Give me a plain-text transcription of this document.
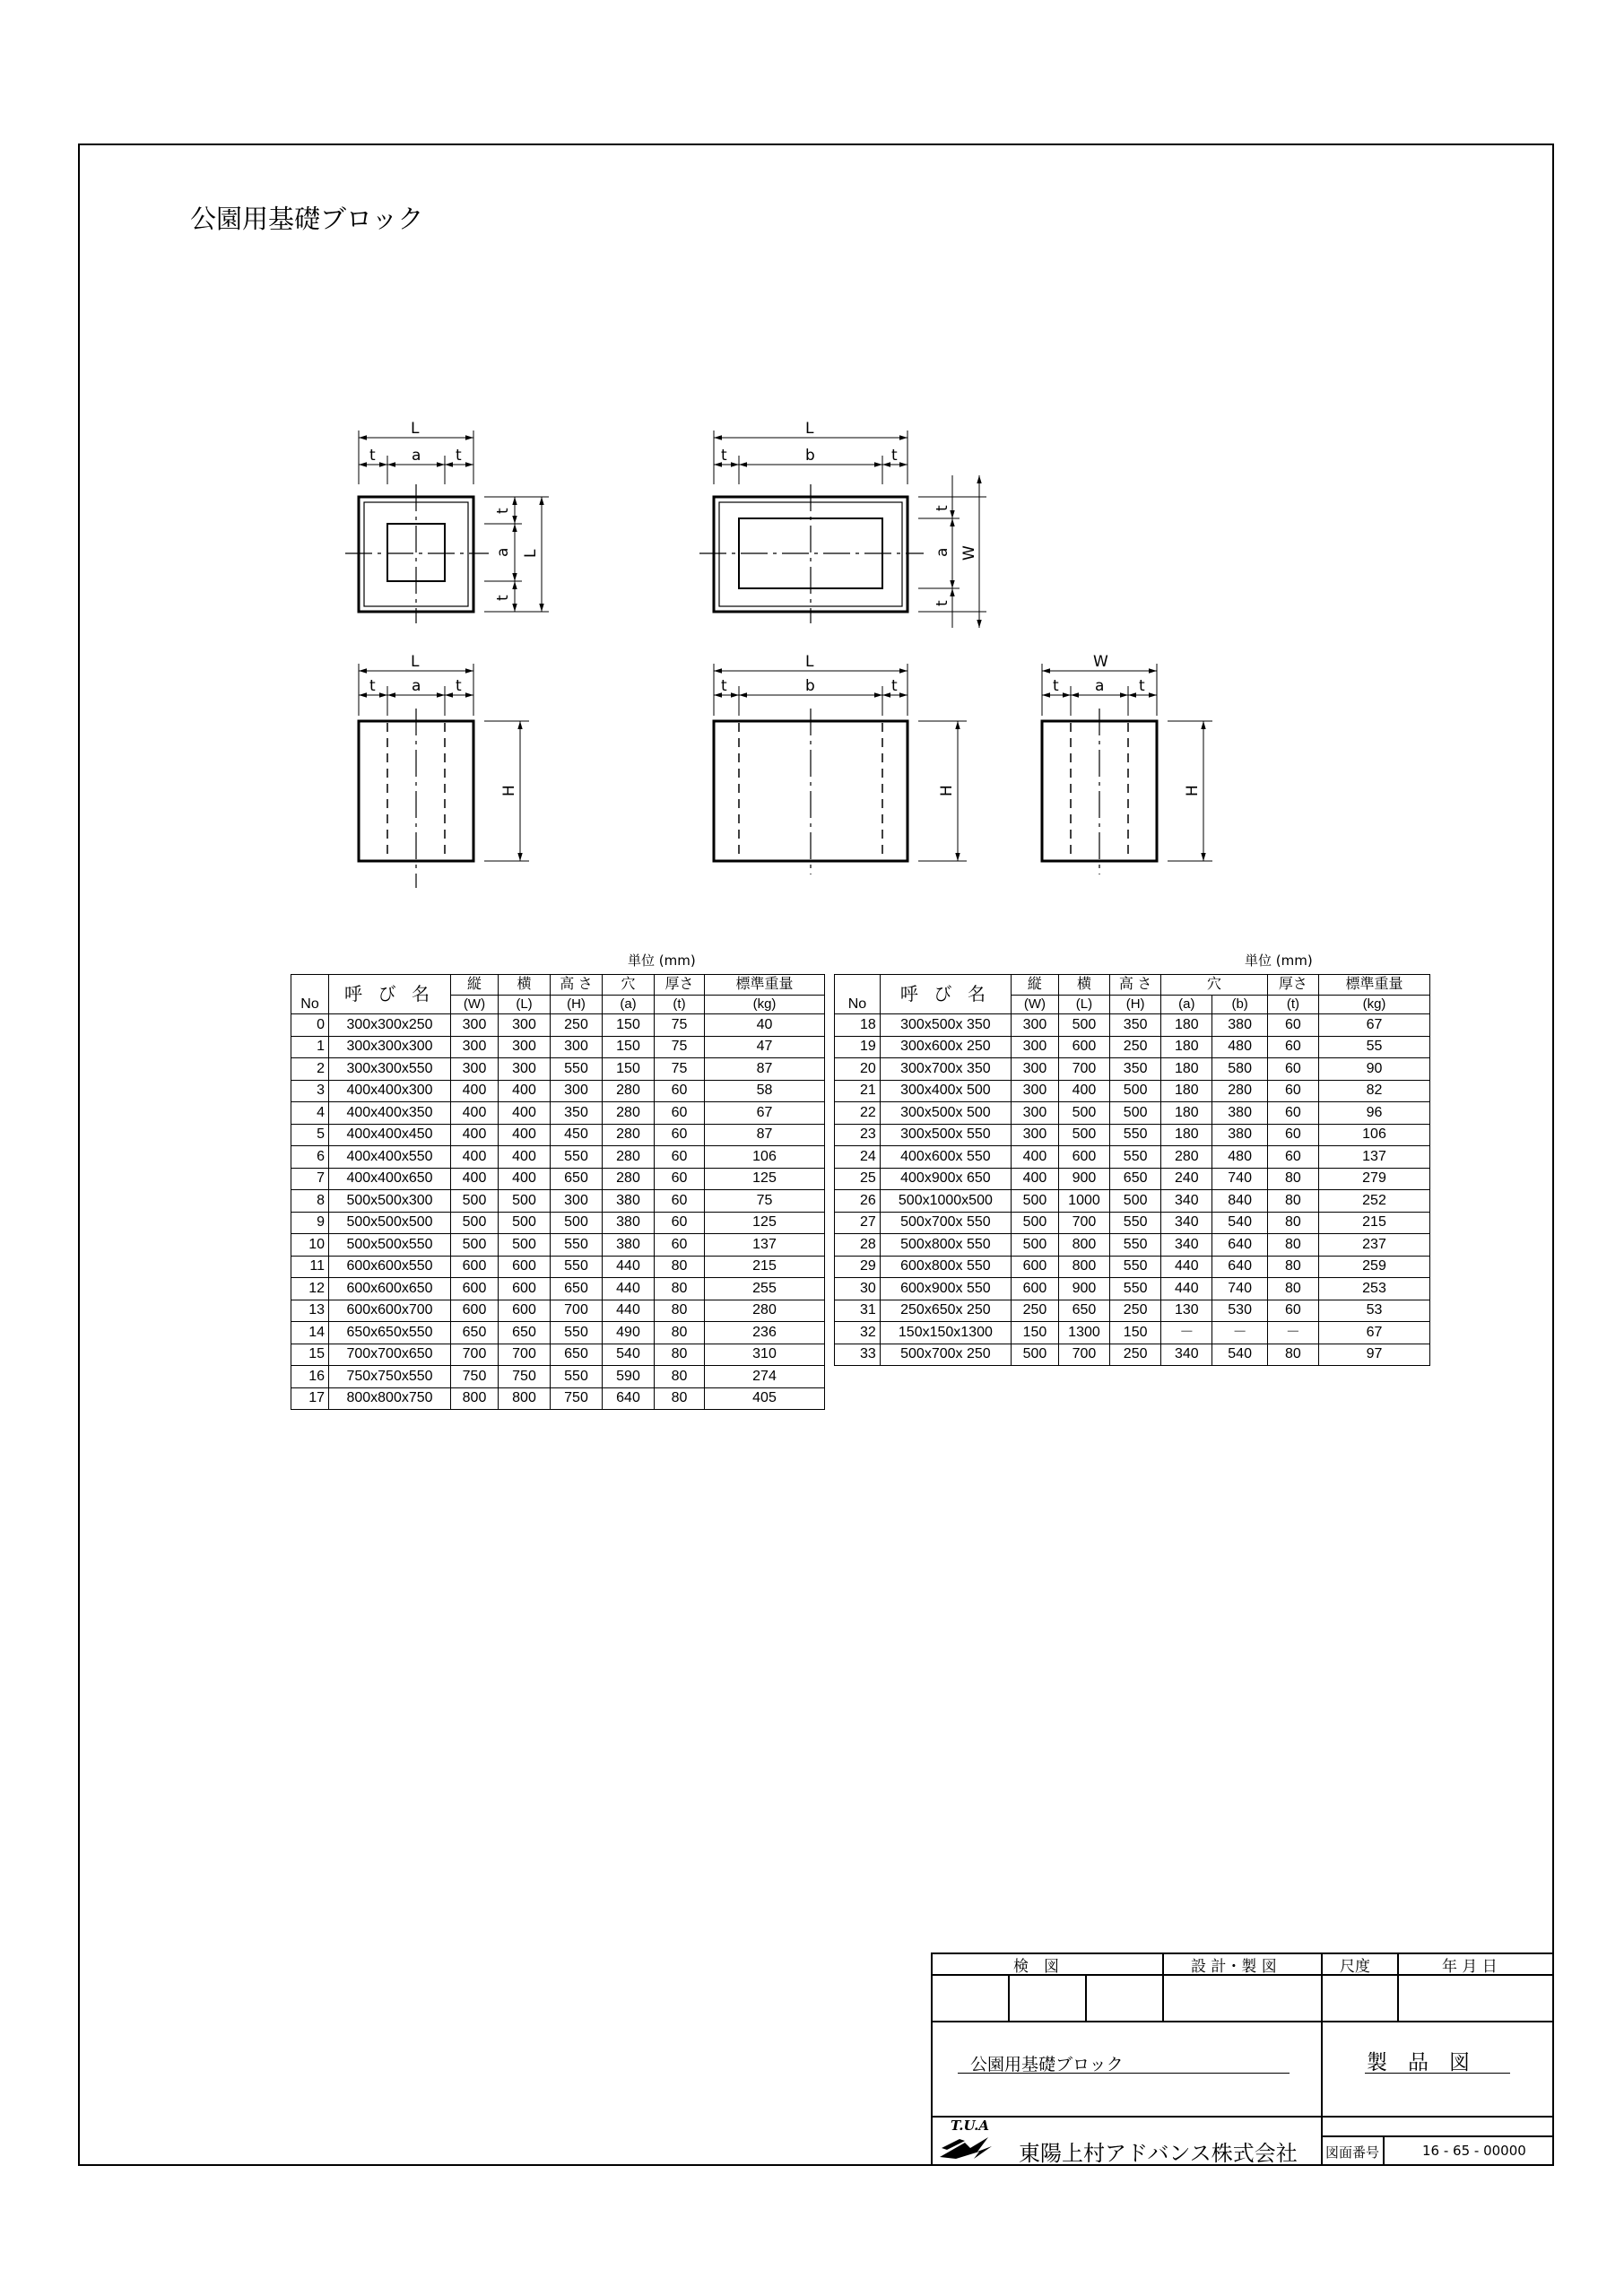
公園用基礎ブロック
L
t a t
t
a
t
L
L
t	b	t
t
a
t
W
L
t a t
H
L
t	b	t
H
W
t a t
H
単位 (mm)	単位 (mm)
No	呼 び 名	縦	横	高 さ	穴	厚さ	標準重量
		(W)	(L)	(H)	(a)	(t)	(kg)
0	300x300x250	300	300	250	150	75	40
1	300x300x300	300	300	300	150	75	47
2	300x300x550	300	300	550	150	75	87
3	400x400x300	400	400	300	280	60	58
4	400x400x350	400	400	350	280	60	67
5	400x400x450	400	400	450	280	60	87
6	400x400x550	400	400	550	280	60	106
7	400x400x650	400	400	650	280	60	125
8	500x500x300	500	500	300	380	60	75
9	500x500x500	500	500	500	380	60	125
10	500x500x550	500	500	550	380	60	137
11	600x600x550	600	600	550	440	80	215
12	600x600x650	600	600	650	440	80	255
13	600x600x700	600	600	700	440	80	280
14	650x650x550	650	650	550	490	80	236
15	700x700x650	700	700	650	540	80	310
16	750x750x550	750	750	550	590	80	274
17	800x800x750	800	800	750	640	80	405
No	呼 び 名	縦	横	高 さ	穴		厚さ	標準重量
		(W)	(L)	(H)	(a)	(b)	(t)	(kg)
18	300x500x 350	300	500	350	180	380	60	67
19	300x600x 250	300	600	250	180	480	60	55
20	300x700x 350	300	700	350	180	580	60	90
21	300x400x 500	300	400	500	180	280	60	82
22	300x500x 500	300	500	500	180	380	60	96
23	300x500x 550	300	500	550	180	380	60	106
24	400x600x 550	400	600	550	280	480	60	137
25	400x900x 650	400	900	650	240	740	80	279
26	500x1000x500	500	1000	500	340	840	80	252
27	500x700x 550	500	700	550	340	540	80	215
28	500x800x 550	500	800	550	340	640	80	237
29	600x800x 550	600	800	550	440	640	80	259
30	600x900x 550	600	900	550	440	740	80	253
31	250x650x 250	250	650	250	130	530	60	53
32	150x150x1300	150	1300	150	－	－	－	67
33	500x700x 250	500	700	250	340	540	80	97
検　図	設 計・製 図	尺度	年 月 日
公園用基礎ブロック	製　品　図
T.U.A
東陽上村アドバンス株式会社 図面番号	16 - 65 - 00000
